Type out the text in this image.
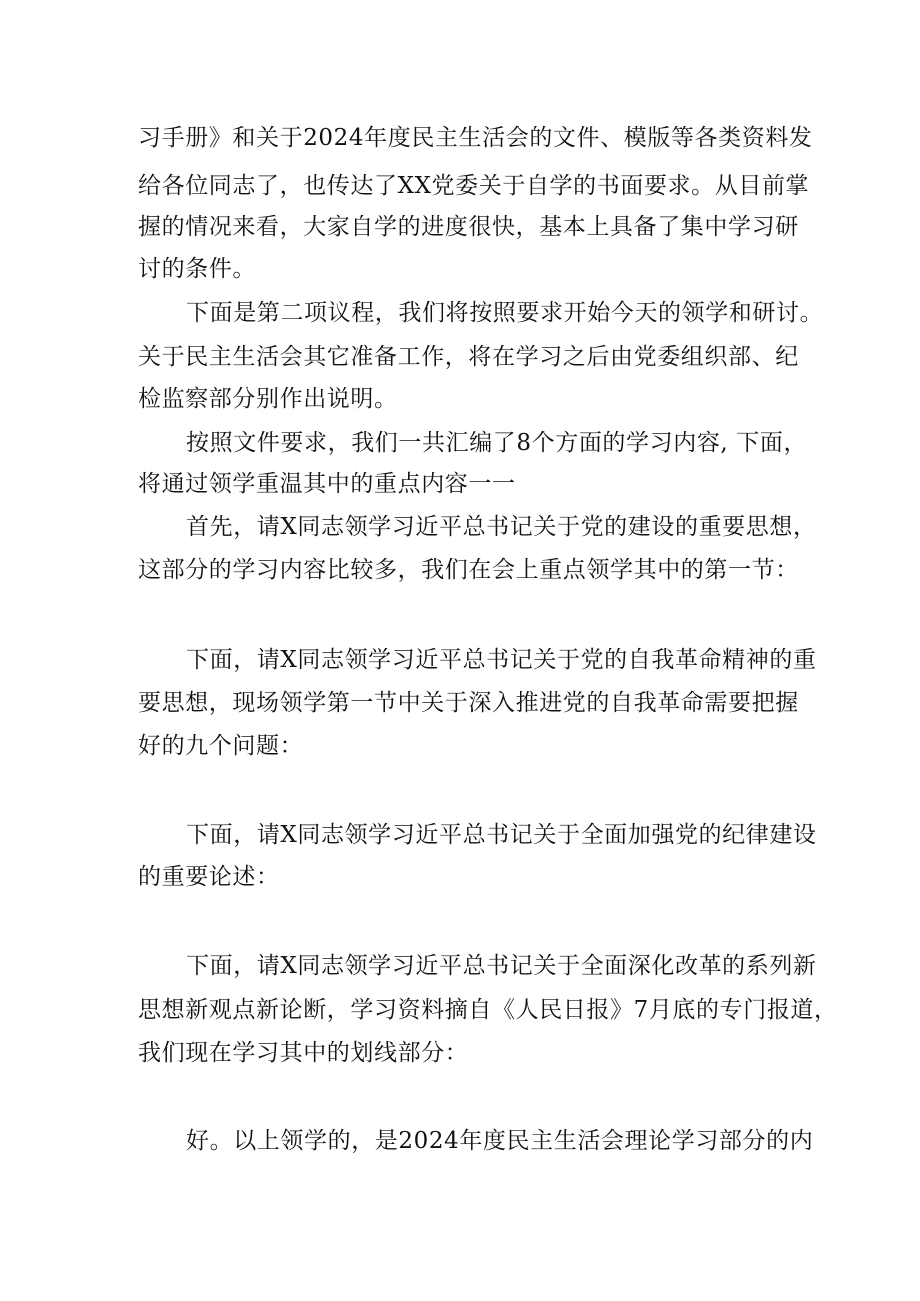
习手册》和关于2024年度民主生活会的文件、模版等各类资料发
给各位同志了，也传达了XX党委关于自学的书面要求。从目前掌
握的情况来看，大家自学的进度很快，基本上具备了集中学习研
讨的条件。
下面是第二项议程，我们将按照要求开始今天的领学和研讨。
关于民主生活会其它准备工作，将在学习之后由党委组织部、纪
检监察部分别作出说明。
按照文件要求，我们一共汇编了8个方面的学习内容, 下面，
将通过领学重温其中的重点内容一一
首先，请X同志领学习近平总书记关于党的建设的重要思想，
这部分的学习内容比较多，我们在会上重点领学其中的第一节：
下面，请X同志领学习近平总书记关于党的自我革命精神的重
要思想，现场领学第一节中关于深入推进党的自我革命需要把握
好的九个问题：
下面，请X同志领学习近平总书记关于全面加强党的纪律建设
的重要论述：
下面，请X同志领学习近平总书记关于全面深化改革的系列新
思想新观点新论断，学习资料摘自《人民日报》7月底的专门报道，
我们现在学习其中的划线部分：
好。以上领学的，是2024年度民主生活会理论学习部分的内
